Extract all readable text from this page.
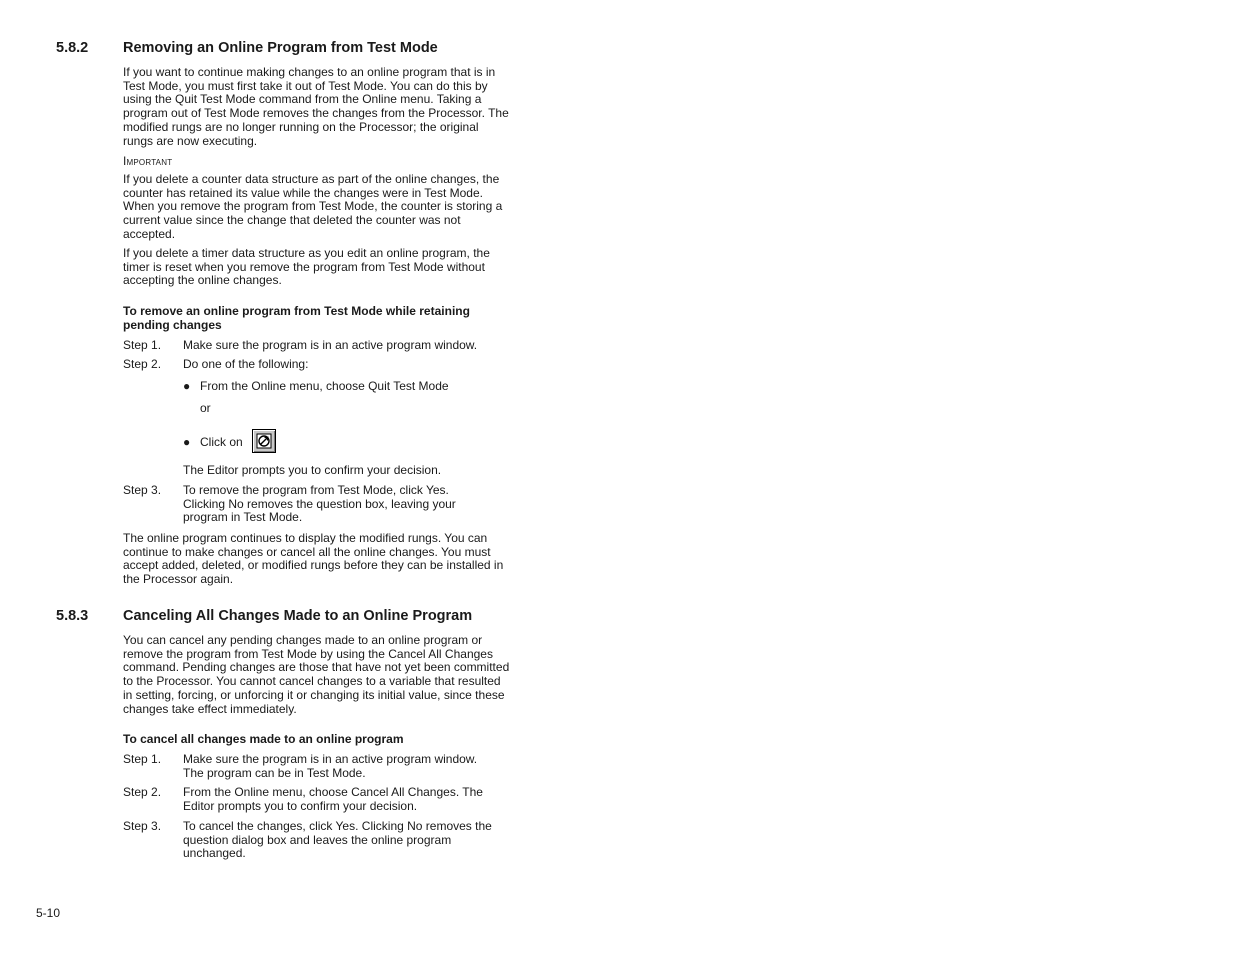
5.8.2 Removing an Online Program from Test Mode

If you want to continue making changes to an online program that is in Test Mode, you must first take it out of Test Mode. You can do this by using the Quit Test Mode command from the Online menu. Taking a program out of Test Mode removes the changes from the Processor. The modified rungs are no longer running on the Processor; the original rungs are now executing.

Important

If you delete a counter data structure as part of the online changes, the counter has retained its value while the changes were in Test Mode. When you remove the program from Test Mode, the counter is storing a current value since the change that deleted the counter was not accepted.

If you delete a timer data structure as you edit an online program, the timer is reset when you remove the program from Test Mode without accepting the online changes.

To remove an online program from Test Mode while retaining pending changes

Step 1. Make sure the program is in an active program window.
Step 2. Do one of the following:
● From the Online menu, choose Quit Test Mode
or
● Click on
The Editor prompts you to confirm your decision.
Step 3. To remove the program from Test Mode, click Yes. Clicking No removes the question box, leaving your program in Test Mode.

The online program continues to display the modified rungs. You can continue to make changes or cancel all the online changes. You must accept added, deleted, or modified rungs before they can be installed in the Processor again.

5.8.3 Canceling All Changes Made to an Online Program

You can cancel any pending changes made to an online program or remove the program from Test Mode by using the Cancel All Changes command. Pending changes are those that have not yet been committed to the Processor. You cannot cancel changes to a variable that resulted in setting, forcing, or unforcing it or changing its initial value, since these changes take effect immediately.

To cancel all changes made to an online program

Step 1. Make sure the program is in an active program window. The program can be in Test Mode.
Step 2. From the Online menu, choose Cancel All Changes. The Editor prompts you to confirm your decision.
Step 3. To cancel the changes, click Yes. Clicking No removes the question dialog box and leaves the online program unchanged.
5-10
